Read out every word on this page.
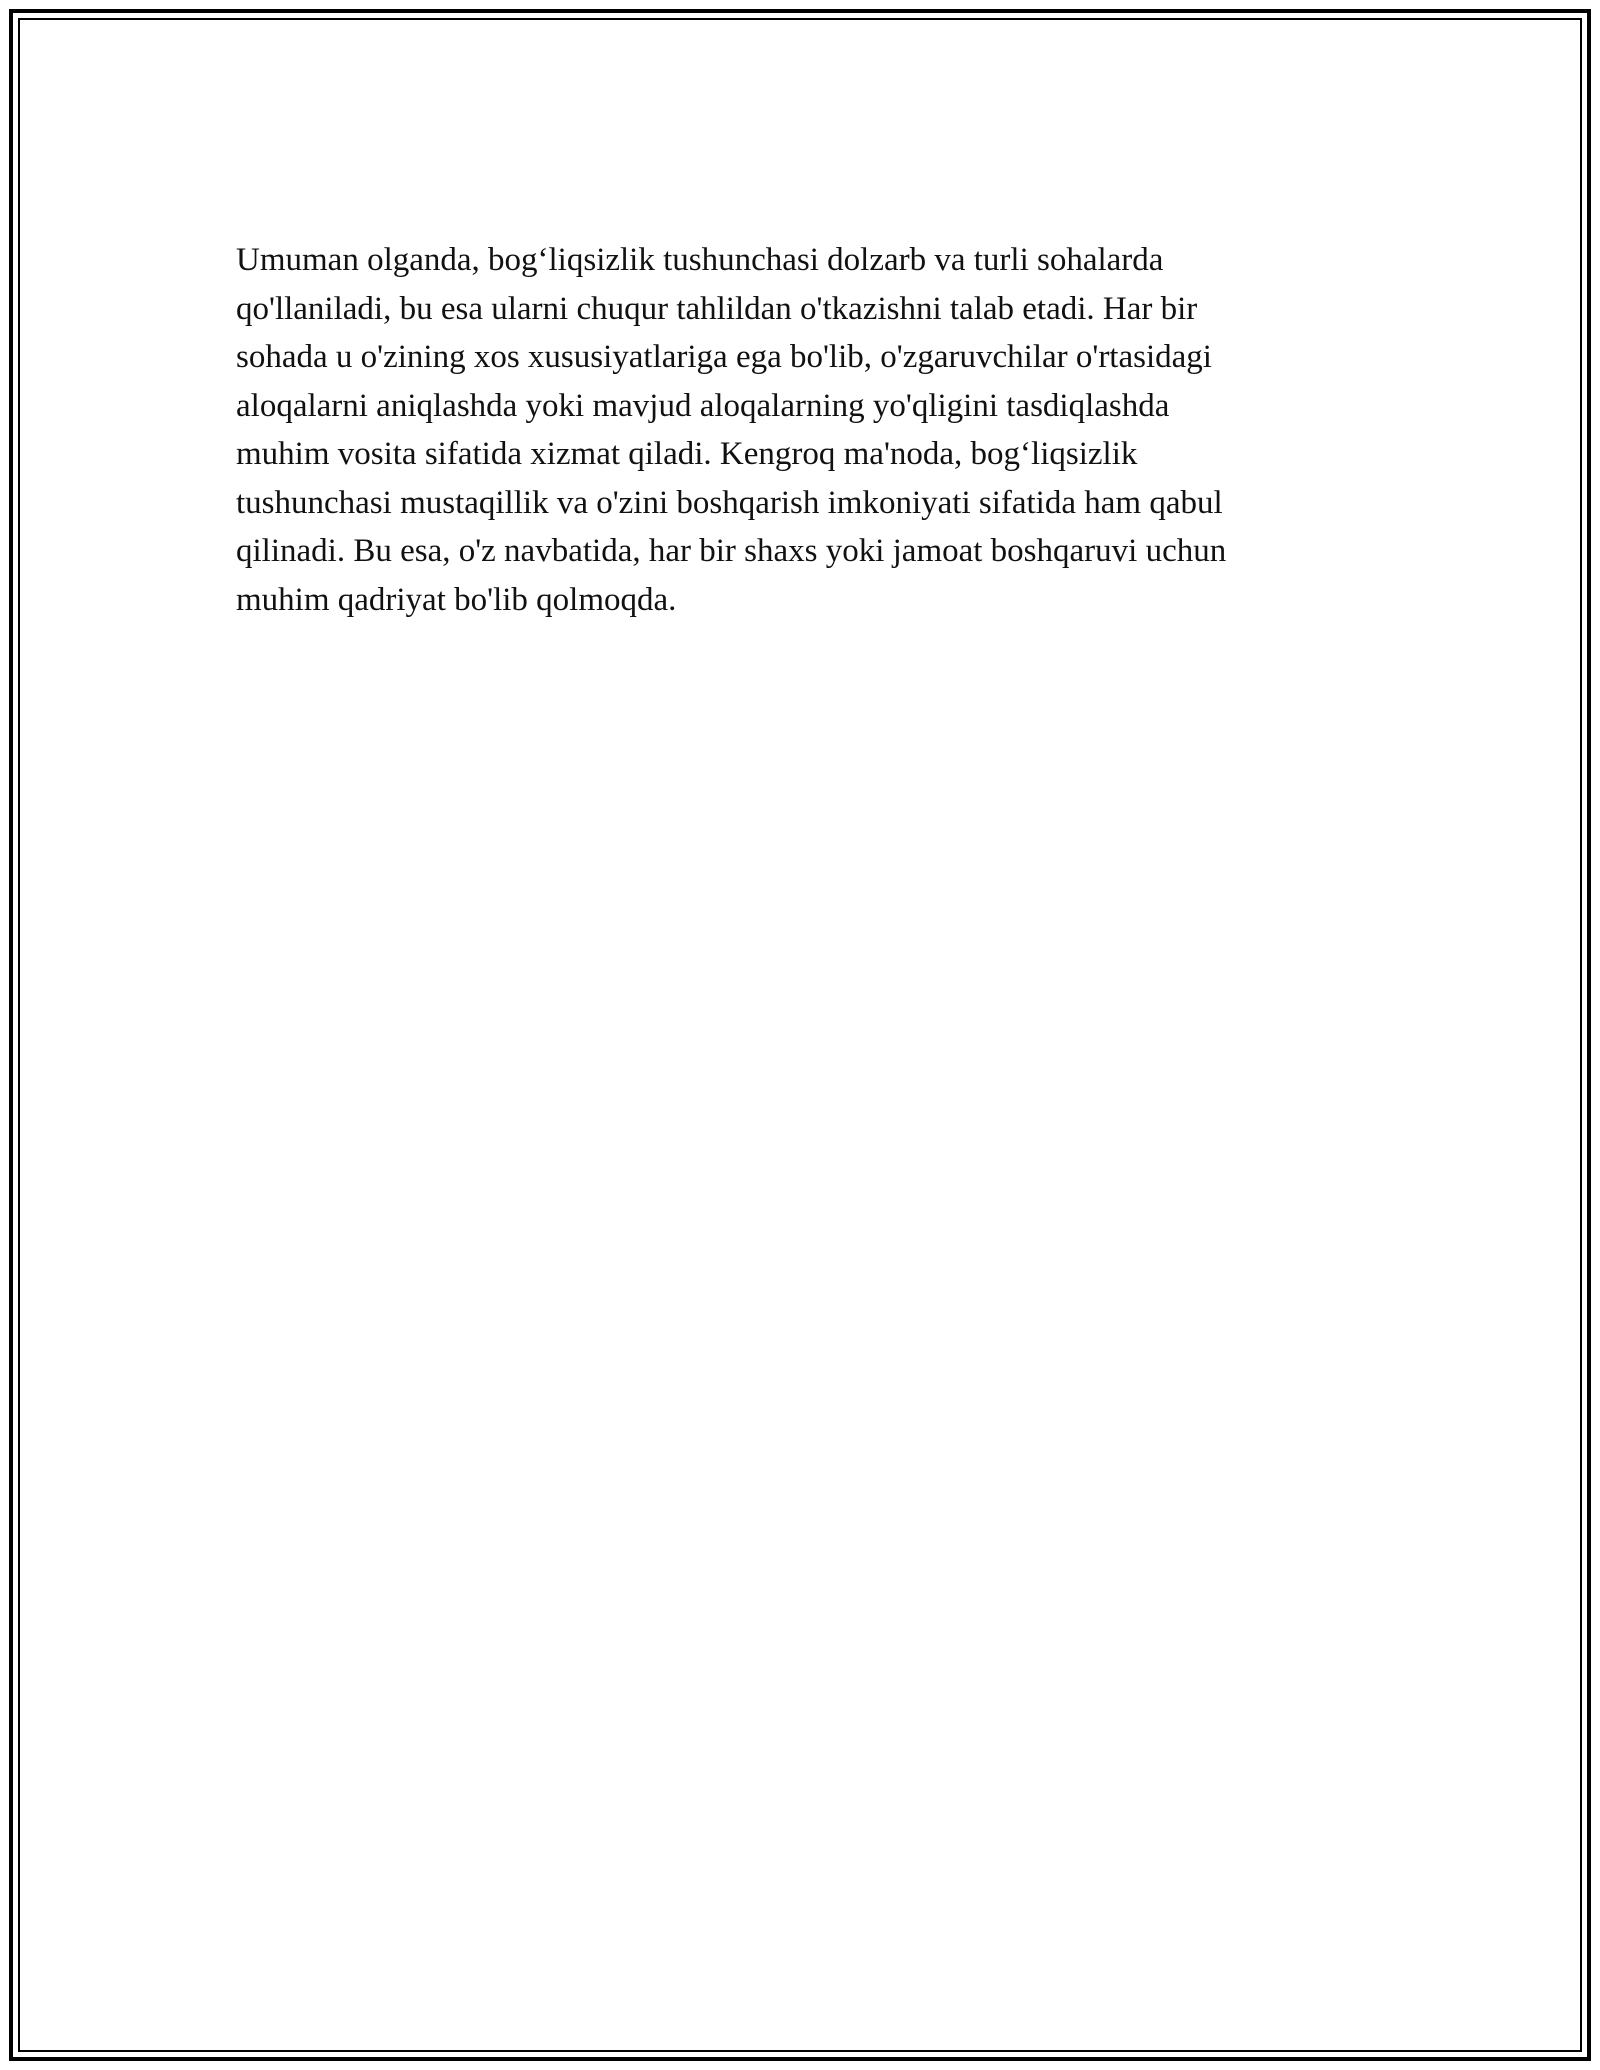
Umuman olganda, bog‘liqsizlik tushunchasi dolzarb va turli sohalarda
qo'llaniladi, bu esa ularni chuqur tahlildan o'tkazishni talab etadi. Har bir
sohada u o'zining xos xususiyatlariga ega bo'lib, o'zgaruvchilar o'rtasidagi
aloqalarni aniqlashda yoki mavjud aloqalarning yo'qligini tasdiqlashda
muhim vosita sifatida xizmat qiladi. Kengroq ma'noda, bog‘liqsizlik
tushunchasi mustaqillik va o'zini boshqarish imkoniyati sifatida ham qabul
qilinadi. Bu esa, o'z navbatida, har bir shaxs yoki jamoat boshqaruvi uchun
muhim qadriyat bo'lib qolmoqda.
